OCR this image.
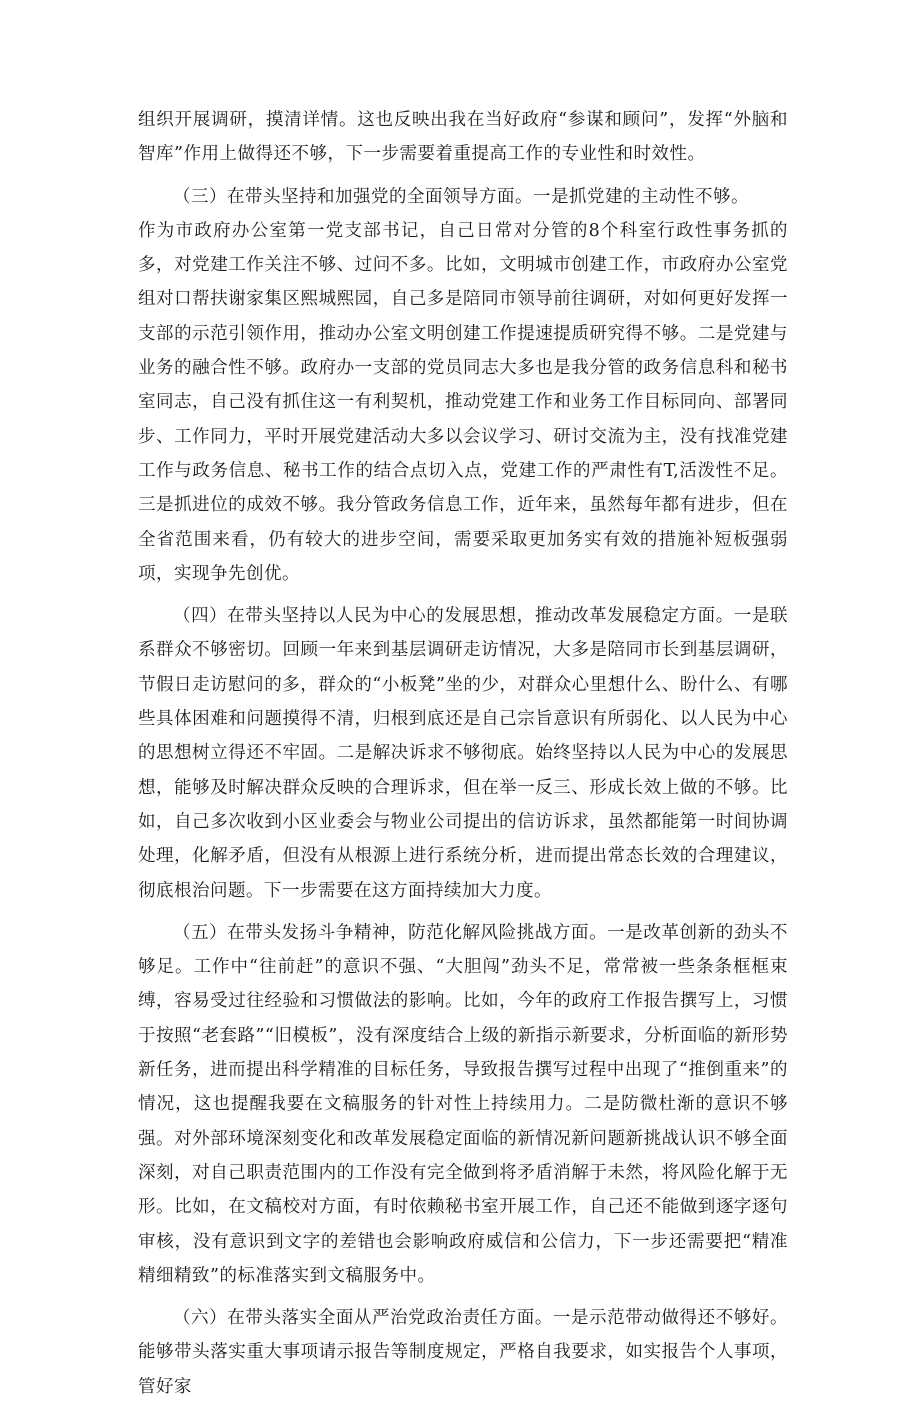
组织开展调研，摸清详情。这也反映出我在当好政府“参谋和顾问”，发挥“外脑和智库”作用上做得还不够，下一步需要着重提高工作的专业性和时效性。

（三）在带头坚持和加强党的全面领导方面。一是抓党建的主动性不够。

作为市政府办公室第一党支部书记，自己日常对分管的8个科室行政性事务抓的多，对党建工作关注不够、过问不多。比如，文明城市创建工作，市政府办公室党组对口帮扶谢家集区熙城熙园，自己多是陪同市领导前往调研，对如何更好发挥一支部的示范引领作用，推动办公室文明创建工作提速提质研究得不够。二是党建与业务的融合性不够。政府办一支部的党员同志大多也是我分管的政务信息科和秘书室同志，自己没有抓住这一有利契机，推动党建工作和业务工作目标同向、部署同步、工作同力，平时开展党建活动大多以会议学习、研讨交流为主，没有找准党建工作与政务信息、秘书工作的结合点切入点，党建工作的严肃性有T,活泼性不足。三是抓进位的成效不够。我分管政务信息工作，近年来，虽然每年都有进步，但在全省范围来看，仍有较大的进步空间，需要采取更加务实有效的措施补短板强弱项，实现争先创优。

（四）在带头坚持以人民为中心的发展思想，推动改革发展稳定方面。一是联系群众不够密切。回顾一年来到基层调研走访情况，大多是陪同市长到基层调研，节假日走访慰问的多，群众的“小板凳”坐的少，对群众心里想什么、盼什么、有哪些具体困难和问题摸得不清，归根到底还是自己宗旨意识有所弱化、以人民为中心的思想树立得还不牢固。二是解决诉求不够彻底。始终坚持以人民为中心的发展思想，能够及时解决群众反映的合理诉求，但在举一反三、形成长效上做的不够。比如，自己多次收到小区业委会与物业公司提出的信访诉求，虽然都能第一时间协调处理，化解矛盾，但没有从根源上进行系统分析，进而提出常态长效的合理建议，彻底根治问题。下一步需要在这方面持续加大力度。

（五）在带头发扬斗争精神，防范化解风险挑战方面。一是改革创新的劲头不够足。工作中“往前赶”的意识不强、“大胆闯”劲头不足，常常被一些条条框框束缚，容易受过往经验和习惯做法的影响。比如，今年的政府工作报告撰写上，习惯于按照“老套路”“旧模板”，没有深度结合上级的新指示新要求，分析面临的新形势新任务，进而提出科学精准的目标任务，导致报告撰写过程中出现了“推倒重来”的情况，这也提醒我要在文稿服务的针对性上持续用力。二是防微杜渐的意识不够强。对外部环境深刻变化和改革发展稳定面临的新情况新问题新挑战认识不够全面深刻，对自己职责范围内的工作没有完全做到将矛盾消解于未然，将风险化解于无形。比如，在文稿校对方面，有时依赖秘书室开展工作，自己还不能做到逐字逐句审核，没有意识到文字的差错也会影响政府威信和公信力，下一步还需要把“精准精细精致”的标准落实到文稿服务中。

（六）在带头落实全面从严治党政治责任方面。一是示范带动做得还不够好。能够带头落实重大事项请示报告等制度规定，严格自我要求，如实报告个人事项，管好家
